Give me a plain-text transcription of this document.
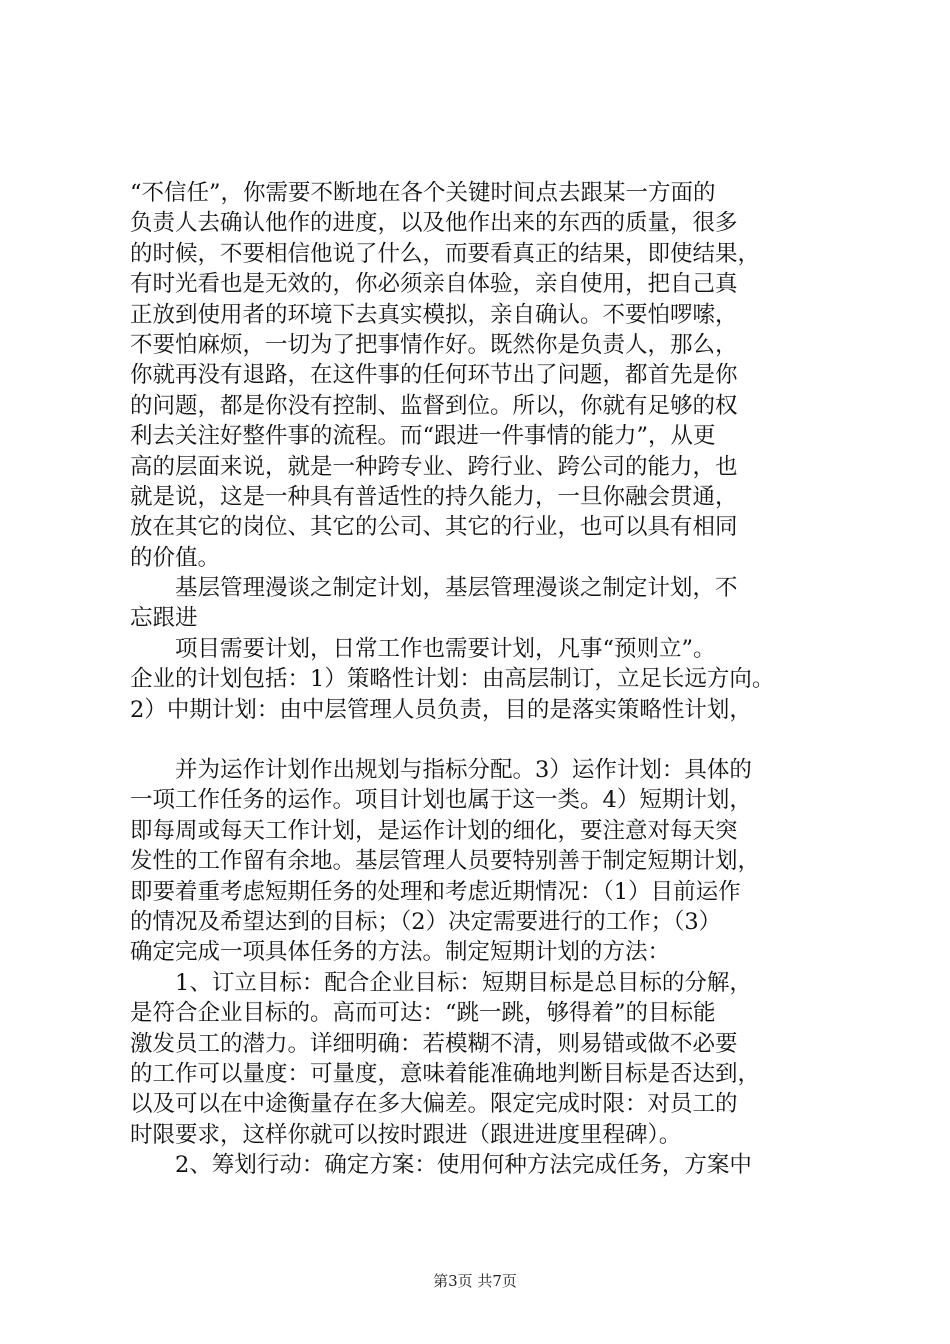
“不信任”，你需要不断地在各个关键时间点去跟某一方面的
负责人去确认他作的进度，以及他作出来的东西的质量，很多
的时候，不要相信他说了什么，而要看真正的结果，即使结果，
有时光看也是无效的，你必须亲自体验，亲自使用，把自己真
正放到使用者的环境下去真实模拟，亲自确认。不要怕啰嗦，
不要怕麻烦，一切为了把事情作好。既然你是负责人，那么，
你就再没有退路，在这件事的任何环节出了问题，都首先是你
的问题，都是你没有控制、监督到位。所以，你就有足够的权
利去关注好整件事的流程。而“跟进一件事情的能力”，从更
高的层面来说，就是一种跨专业、跨行业、跨公司的能力，也
就是说，这是一种具有普适性的持久能力，一旦你融会贯通，
放在其它的岗位、其它的公司、其它的行业，也可以具有相同
的价值。
　　基层管理漫谈之制定计划，基层管理漫谈之制定计划，不
忘跟进
　　项目需要计划，日常工作也需要计划，凡事“预则立”。
企业的计划包括：1）策略性计划：由高层制订，立足长远方向。
2）中期计划：由中层管理人员负责，目的是落实策略性计划，
　　并为运作计划作出规划与指标分配。3）运作计划：具体的
一项工作任务的运作。项目计划也属于这一类。4）短期计划，
即每周或每天工作计划，是运作计划的细化，要注意对每天突
发性的工作留有余地。基层管理人员要特别善于制定短期计划，
即要着重考虑短期任务的处理和考虑近期情况：（1）目前运作
的情况及希望达到的目标；（2）决定需要进行的工作；（3）
确定完成一项具体任务的方法。制定短期计划的方法：
　　1、订立目标：配合企业目标：短期目标是总目标的分解，
是符合企业目标的。高而可达：“跳一跳，够得着”的目标能
激发员工的潜力。详细明确：若模糊不清，则易错或做不必要
的工作可以量度：可量度，意味着能准确地判断目标是否达到，
以及可以在中途衡量存在多大偏差。限定完成时限：对员工的
时限要求，这样你就可以按时跟进（跟进进度里程碑）。
　　2、筹划行动：确定方案：使用何种方法完成任务，方案中
第3页 共7页
